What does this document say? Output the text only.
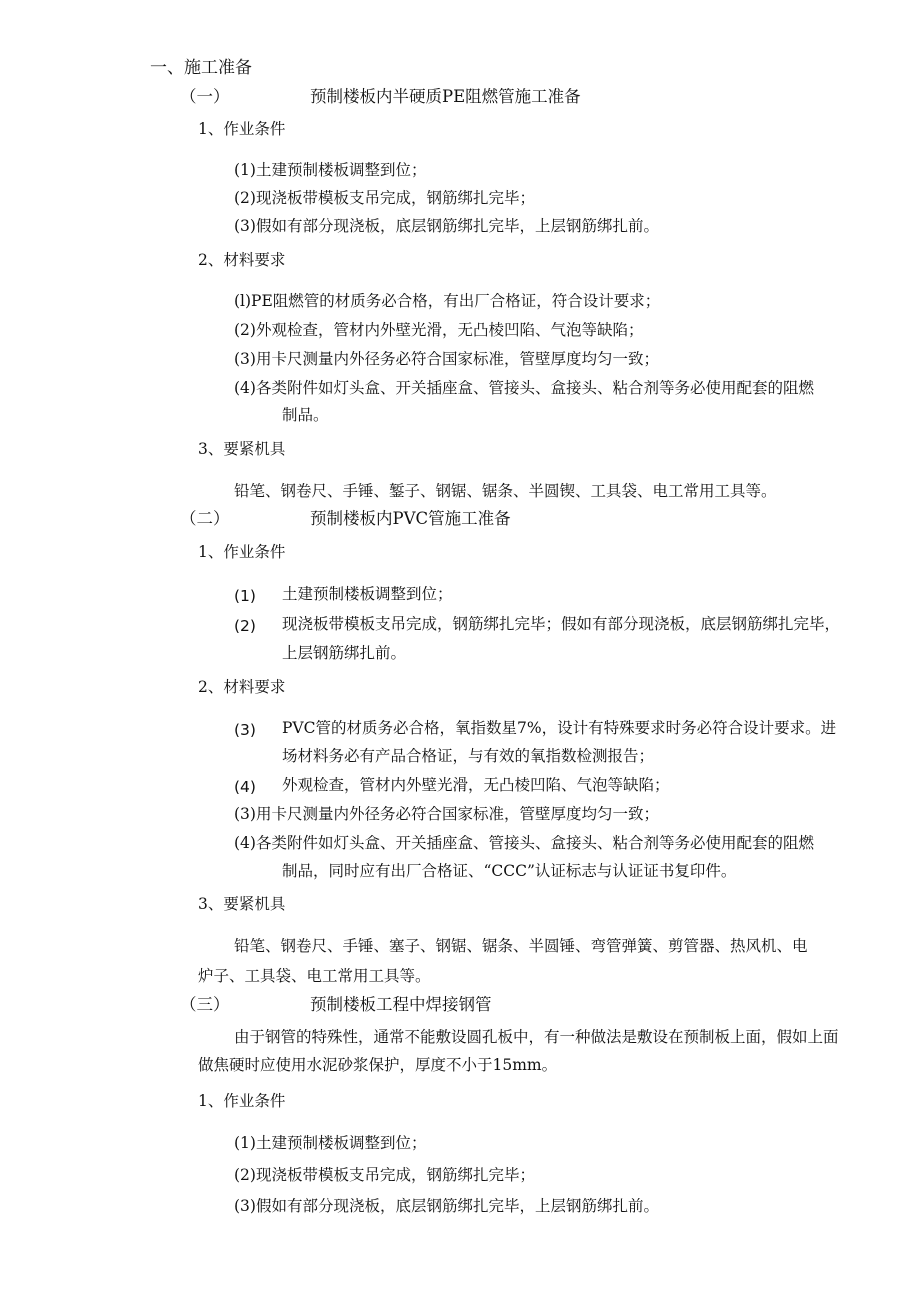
一、施工准备
（一）	预制楼板内半硬质PE阻燃管施工准备
1、作业条件
(1)土建预制楼板调整到位；
(2)现浇板带模板支吊完成，钢筋绑扎完毕；
(3)假如有部分现浇板，底层钢筋绑扎完毕，上层钢筋绑扎前。
2、材料要求
(l)PE阻燃管的材质务必合格，有出厂合格证，符合设计要求；
(2)外观检查，管材内外壁光滑，无凸棱凹陷、气泡等缺陷；
(3)用卡尺测量内外径务必符合国家标准，管壁厚度均匀一致；
(4)各类附件如灯头盒、开关插座盒、管接头、盒接头、粘合剂等务必使用配套的阻燃
制品。
3、要紧机具
铅笔、钢卷尺、手锤、錾子、钢锯、锯条、半圆锲、工具袋、电工常用工具等。
（二）	预制楼板内PVC管施工准备
1、作业条件
(1) 土建预制楼板调整到位；
(2) 现浇板带模板支吊完成，钢筋绑扎完毕；假如有部分现浇板，底层钢筋绑扎完毕，
上层钢筋绑扎前。
2、材料要求
(3) PVC管的材质务必合格，氧指数星7%，设计有特殊要求时务必符合设计要求。进
场材料务必有产品合格证，与有效的氧指数检测报告；
(4) 外观检查，管材内外壁光滑，无凸棱凹陷、气泡等缺陷；
(3)用卡尺测量内外径务必符合国家标准，管壁厚度均匀一致；
(4)各类附件如灯头盒、开关插座盒、管接头、盒接头、粘合剂等务必使用配套的阻燃
制品，同时应有出厂合格证、“CCC”认证标志与认证证书复印件。
3、要紧机具
铅笔、钢卷尺、手锤、塞子、钢锯、锯条、半圆锤、弯管弹簧、剪管器、热风机、电
炉子、工具袋、电工常用工具等。
（三）	预制楼板工程中焊接钢管
由于钢管的特殊性，通常不能敷设圆孔板中，有一种做法是敷设在预制板上面，假如上面
做焦硬时应使用水泥砂浆保护，厚度不小于15mm。
1、作业条件
(1)土建预制楼板调整到位；
(2)现浇板带模板支吊完成，钢筋绑扎完毕；
(3)假如有部分现浇板，底层钢筋绑扎完毕，上层钢筋绑扎前。
